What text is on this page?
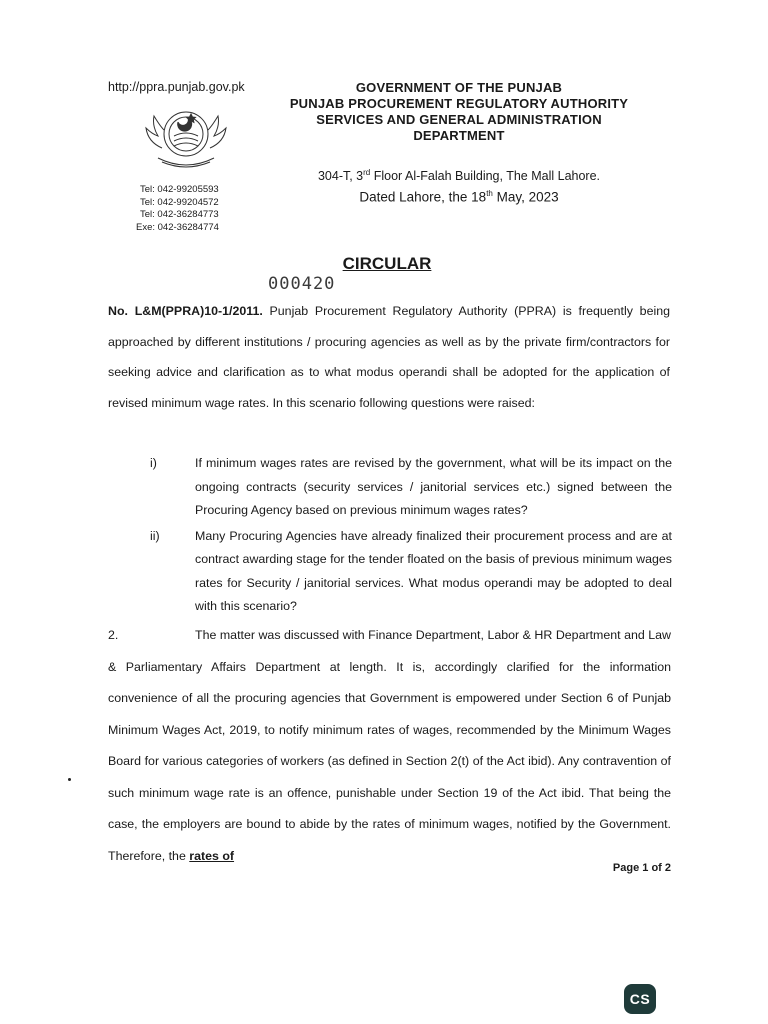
http://ppra.punjab.gov.pk
Tel: 042-99205593
Tel: 042-99204572
Tel: 042-36284773
Exe: 042-36284774
GOVERNMENT OF THE PUNJAB
PUNJAB PROCUREMENT REGULATORY AUTHORITY
SERVICES AND GENERAL ADMINISTRATION
DEPARTMENT
304-T, 3rd Floor Al-Falah Building, The Mall Lahore.
Dated Lahore, the 18th May, 2023
CIRCULAR
000420
No. L&M(PPRA)10-1/2011. Punjab Procurement Regulatory Authority (PPRA) is frequently being approached by different institutions / procuring agencies as well as by the private firm/contractors for seeking advice and clarification as to what modus operandi shall be adopted for the application of revised minimum wage rates. In this scenario following questions were raised:
i)	If minimum wages rates are revised by the government, what will be its impact on the ongoing contracts (security services / janitorial services etc.) signed between the Procuring Agency based on previous minimum wages rates?
ii)	Many Procuring Agencies have already finalized their procurement process and are at contract awarding stage for the tender floated on the basis of previous minimum wages rates for Security / janitorial services. What modus operandi may be adopted to deal with this scenario?
2.	The matter was discussed with Finance Department, Labor & HR Department and Law & Parliamentary Affairs Department at length. It is, accordingly clarified for the information convenience of all the procuring agencies that Government is empowered under Section 6 of Punjab Minimum Wages Act, 2019, to notify minimum rates of wages, recommended by the Minimum Wages Board for various categories of workers (as defined in Section 2(t) of the Act ibid). Any contravention of such minimum wage rate is an offence, punishable under Section 19 of the Act ibid. That being the case, the employers are bound to abide by the rates of minimum wages, notified by the Government. Therefore, the rates of
Page 1 of 2
CS
